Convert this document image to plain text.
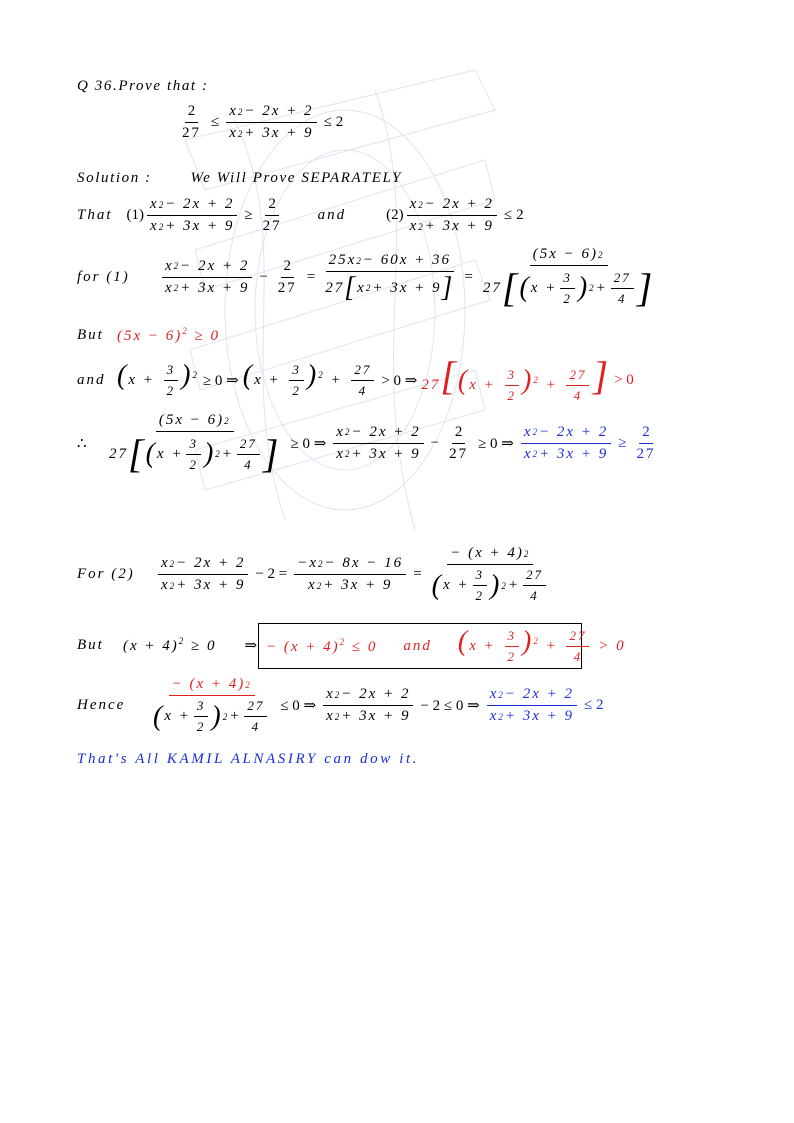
Q 36.Prove that :
$\frac{2}{27} \le \frac{x 2 - 2x + 2}{x 2 + 3x + 9} \le 2$
Solution :	We Will Prove SEPARATELY
That $(1) \frac{x 2 - 2x + 2}{x 2 + 3x + 9} \ge \frac{2}{27}$ and	$(2) \frac{x 2 - 2x + 2}{x 2 + 3x + 9} \le 2$
for (1)	$\frac{x 2 - 2x + 2}{x 2 + 3x + 9} - \frac{2}{27} = \frac{25x 2 - 60x + 36}{27 [ x 2 + 3x + 9 ]} = \frac{(5x - 6) 2}{27 [ ( x + \frac{3}{2} ) 2 + \frac{27}{4} ]}$
But $(5x - 6)^2 \ge 0$
and $(x + \frac{3}{2} )^2 \ge 0$ ⇒ $(x + \frac{3}{2} )^2 + \frac{27}{4} > 0$ ⇒ $27[(x + \frac{3}{2} )^2 + \frac{27}{4}$ ] > 0
∴	$\frac{(5x - 6) 2}{27 [ ( x + \frac{3}{2} ) 2 + \frac{27}{4} ]} \ge 0$ ⇒ $\frac{x 2 - 2x + 2}{x 2 + 3x + 9} - \frac{2}{27} \ge 0$ ⇒ $\frac{x 2 - 2x + 2}{x 2 + 3x + 9} \ge \frac{2}{27}$
For (2)	$\frac{x 2 - 2x + 2}{x 2 + 3x + 9} - 2 = \frac{-x 2 - 8x - 16}{x 2 + 3x + 9} = \frac{- (x + 4) 2}{( x + \frac{3}{2} ) 2 + \frac{27}{4}}$
But	$(x + 4)^2 \ge 0$ ⇒ − $(x + 4)^2 \le 0$ and $(x + \frac{3}{2} )^2 + \frac{27}{4} > 0$
Hence	$\frac{- (x + 4) 2}{( x + \frac{3}{2} ) 2 + \frac{27}{4}} \le 0$ ⇒ $\frac{x 2 - 2x + 2}{x 2 + 3x + 9} - 2 \le 0$ ⇒ $\frac{x 2 - 2x + 2}{x 2 + 3x + 9} \le 2$
That's All KAMIL ALNASIRY can dow it.
